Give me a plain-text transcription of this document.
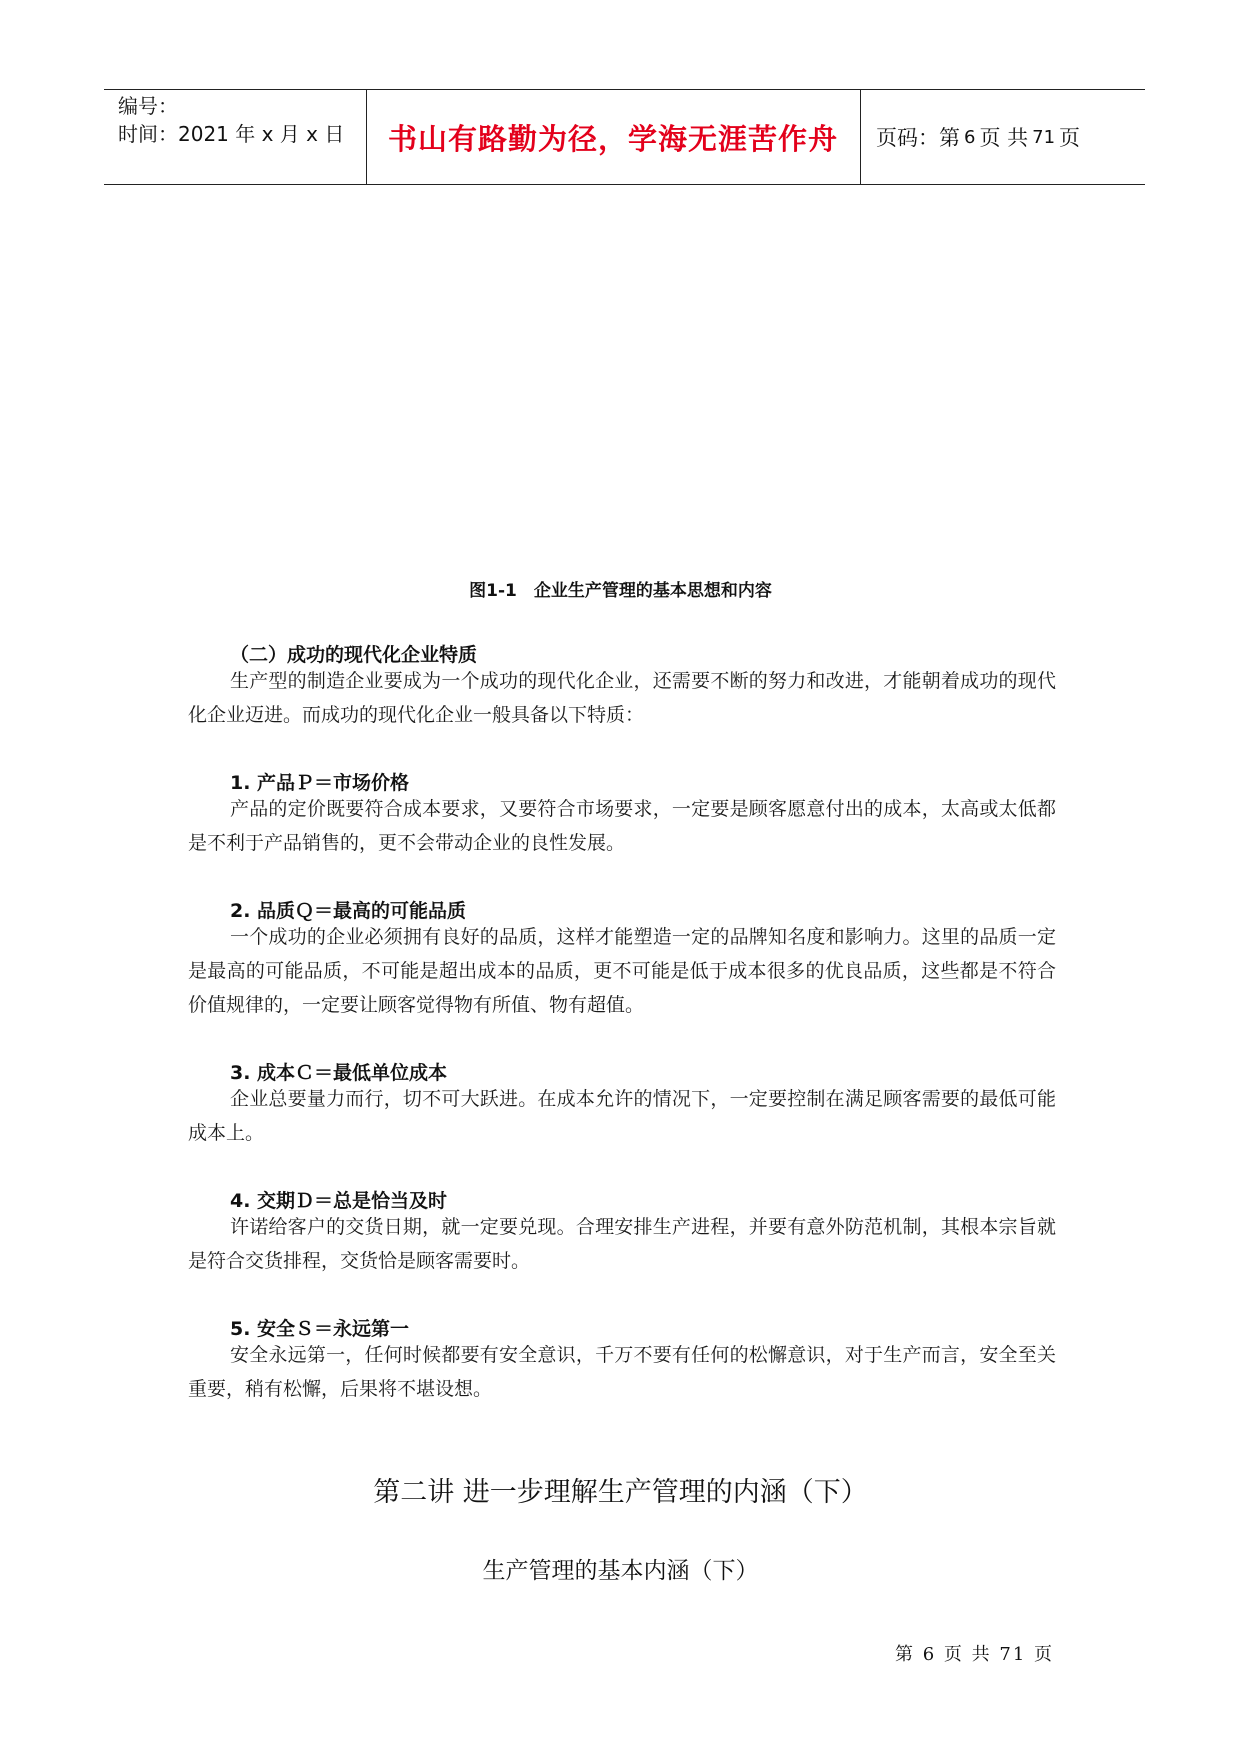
编号：
时间：2021 年 x 月 x 日	书山有路勤为径，学海无涯苦作舟	页码：第 6 页 共 71 页
图1-1　企业生产管理的基本思想和内容
（二）成功的现代化企业特质
生产型的制造企业要成为一个成功的现代化企业，还需要不断的努力和改进，才能朝着成功的现代化企业迈进。而成功的现代化企业一般具备以下特质：
1. 产品Ｐ＝市场价格
产品的定价既要符合成本要求，又要符合市场要求，一定要是顾客愿意付出的成本，太高或太低都是不利于产品销售的，更不会带动企业的良性发展。
2. 品质Ｑ＝最高的可能品质
一个成功的企业必须拥有良好的品质，这样才能塑造一定的品牌知名度和影响力。这里的品质一定是最高的可能品质，不可能是超出成本的品质，更不可能是低于成本很多的优良品质，这些都是不符合价值规律的，一定要让顾客觉得物有所值、物有超值。
3. 成本Ｃ＝最低单位成本
企业总要量力而行，切不可大跃进。在成本允许的情况下，一定要控制在满足顾客需要的最低可能成本上。
4. 交期Ｄ＝总是恰当及时
许诺给客户的交货日期，就一定要兑现。合理安排生产进程，并要有意外防范机制，其根本宗旨就是符合交货排程，交货恰是顾客需要时。
5. 安全Ｓ＝永远第一
安全永远第一，任何时候都要有安全意识，千万不要有任何的松懈意识，对于生产而言，安全至关重要，稍有松懈，后果将不堪设想。
第二讲 进一步理解生产管理的内涵（下）
生产管理的基本内涵（下）
第 6 页 共 71 页
